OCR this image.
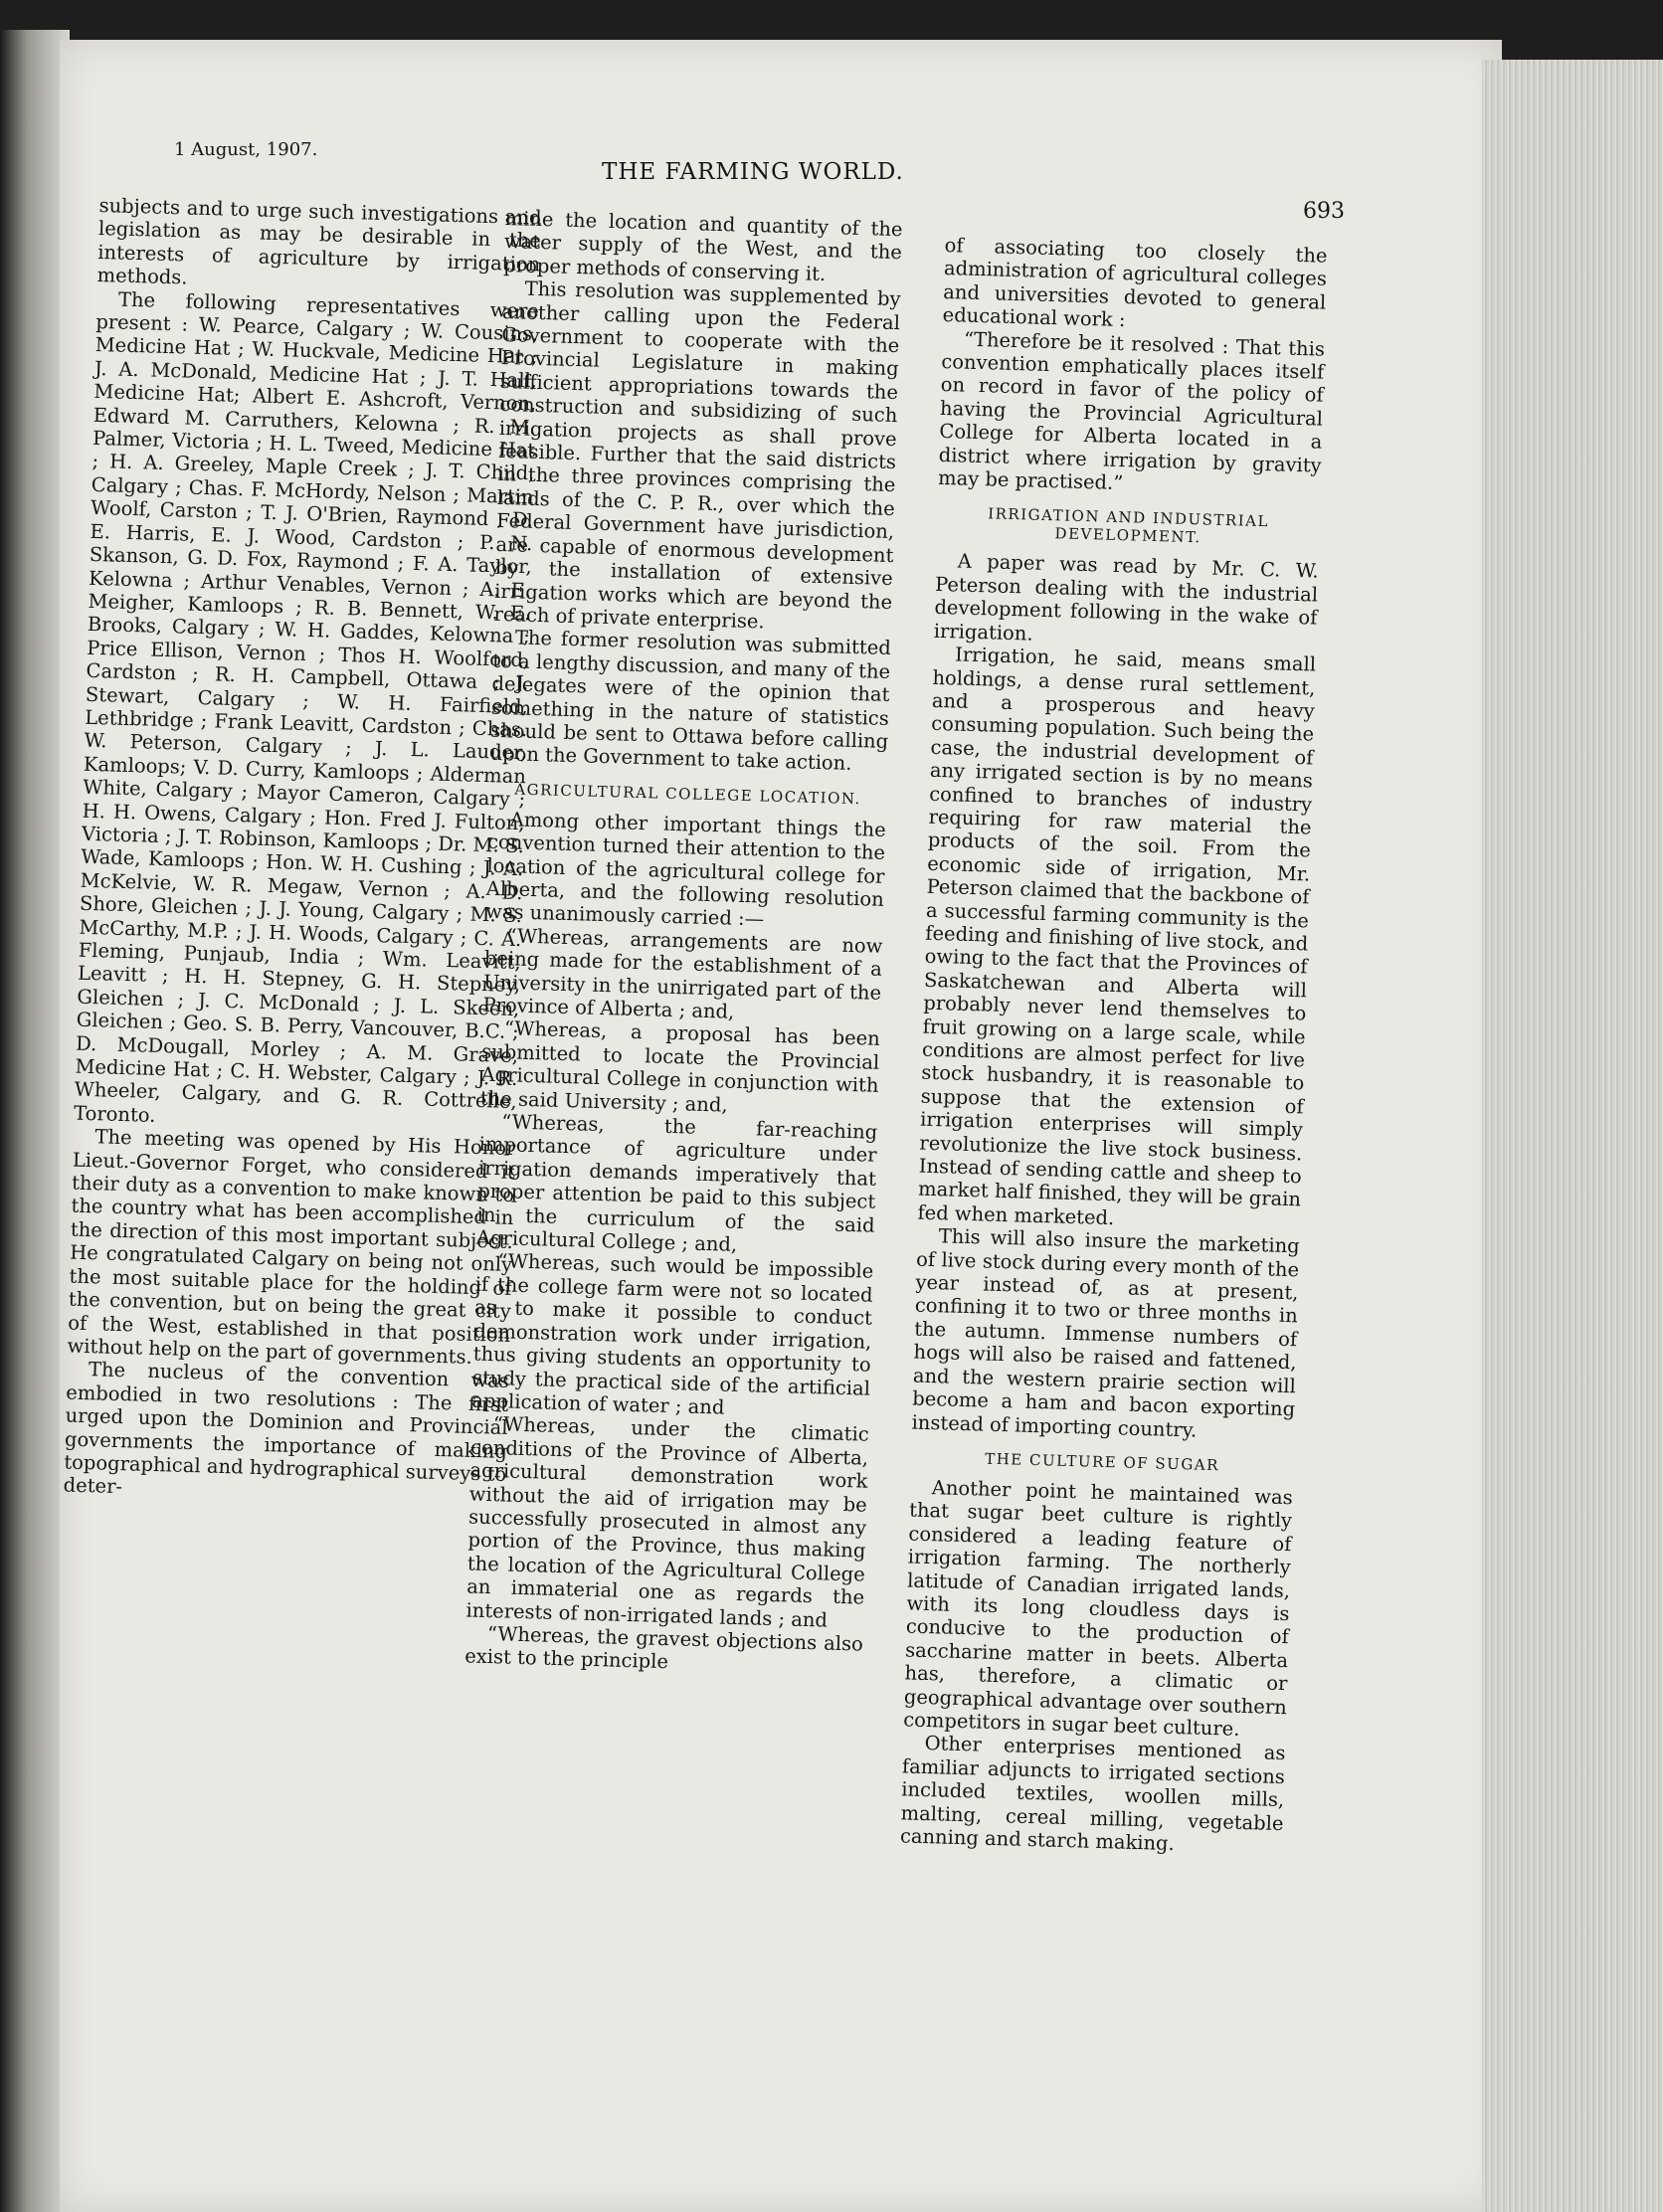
1 August, 1907.
THE FARMING WORLD.
693

subjects and to urge such investigations and legislation as may be desirable in the interests of agriculture by irrigation methods.

The following representatives were present : W. Pearce, Calgary ; W. Cousins, Medicine Hat ; W. Huckvale, Medicine Hat ; J. A. McDonald, Medicine Hat ; J. T. Hall, Medicine Hat; Albert E. Ashcroft, Vernon, Edward M. Carruthers, Kelowna ; R. M. Palmer, Victoria ; H. L. Tweed, Medicine Hat ; H. A. Greeley, Maple Creek ; J. T. Child, Calgary ; Chas. F. McHordy, Nelson ; Martin Woolf, Carston ; T. J. O'Brien, Raymond ; D. E. Harris, E. J. Wood, Cardston ; P. N. Skanson, G. D. Fox, Raymond ; F. A. Taylor, Kelowna ; Arthur Venables, Vernon ; A. E. Meigher, Kamloops ; R. B. Bennett, W. E. Brooks, Calgary ; W. H. Gaddes, Kelowna ; Price Ellison, Vernon ; Thos H. Woolford, Cardston ; R. H. Campbell, Ottawa ; J. Stewart, Calgary ; W. H. Fairfield, Lethbridge ; Frank Leavitt, Cardston ; Chas. W. Peterson, Calgary ; J. L. Lauder, Kamloops; V. D. Curry, Kamloops ; Alderman White, Calgary ; Mayor Cameron, Calgary ; H. H. Owens, Calgary ; Hon. Fred J. Fulton, Victoria ; J. T. Robinson, Kamloops ; Dr. M. S. Wade, Kamloops ; Hon. W. H. Cushing ; J. A. McKelvie, W. R. Megaw, Vernon ; A. D. Shore, Gleichen ; J. J. Young, Calgary ; M. S. McCarthy, M.P. ; J. H. Woods, Calgary ; C. A. Fleming, Punjaub, India ; Wm. Leavitt, Leavitt ; H. H. Stepney, G. H. Stepney, Gleichen ; J. C. McDonald ; J. L. Skeen, Gleichen ; Geo. S. B. Perry, Vancouver, B.C. ; D. McDougall, Morley ; A. M. Grave, Medicine Hat ; C. H. Webster, Calgary ; J. R. Wheeler, Calgary, and G. R. Cottrelle, Toronto.

The meeting was opened by His Honor Lieut.-Governor Forget, who considered it their duty as a convention to make known to the country what has been accomplished in the direction of this most important subject. He congratulated Calgary on being not only the most suitable place for the holding of the convention, but on being the great city of the West, established in that position without help on the part of governments.

The nucleus of the convention was embodied in two resolutions : The first urged upon the Dominion and Provincial governments the importance of making topographical and hydrographical surveys to deter-

mine the location and quantity of the water supply of the West, and the proper methods of conserving it.

This resolution was supplemented by another calling upon the Federal Government to cooperate with the Provincial Legislature in making sufficient appropriations towards the construction and subsidizing of such irrigation projects as shall prove feasible. Further that the said districts in the three provinces comprising the lands of the C. P. R., over which the Federal Government have jurisdiction, are capable of enormous development by the installation of extensive irrigation works which are beyond the reach of private enterprise.

The former resolution was submitted to a lengthy discussion, and many of the delegates were of the opinion that something in the nature of statistics should be sent to Ottawa before calling upon the Government to take action.

AGRICULTURAL COLLEGE LOCATION.

Among other important things the convention turned their attention to the location of the agricultural college for Alberta, and the following resolution was unanimously carried :—

“Whereas, arrangements are now being made for the establishment of a University in the unirrigated part of the Province of Alberta ; and,

“Whereas, a proposal has been submitted to locate the Provincial Agricultural College in conjunction with the said University ; and,

“Whereas, the far-reaching importance of agriculture under irrigation demands imperatively that proper attention be paid to this subject in the curriculum of the said Agricultural College ; and,

“Whereas, such would be impossible if the college farm were not so located as to make it possible to conduct demonstration work under irrigation, thus giving students an opportunity to study the practical side of the artificial application of water ; and

“Whereas, under the climatic conditions of the Province of Alberta, agricultural demonstration work without the aid of irrigation may be successfully prosecuted in almost any portion of the Province, thus making the location of the Agricultural College an immaterial one as regards the interests of non-irrigated lands ; and

“Whereas, the gravest objections also exist to the principle

of associating too closely the administration of agricultural colleges and universities devoted to general educational work :

“Therefore be it resolved : That this convention emphatically places itself on record in favor of the policy of having the Provincial Agricultural College for Alberta located in a district where irrigation by gravity may be practised.”

IRRIGATION AND INDUSTRIAL DEVELOPMENT.

A paper was read by Mr. C. W. Peterson dealing with the industrial development following in the wake of irrigation.

Irrigation, he said, means small holdings, a dense rural settlement, and a prosperous and heavy consuming population. Such being the case, the industrial development of any irrigated section is by no means confined to branches of industry requiring for raw material the products of the soil. From the economic side of irrigation, Mr. Peterson claimed that the backbone of a successful farming community is the feeding and finishing of live stock, and owing to the fact that the Provinces of Saskatchewan and Alberta will probably never lend themselves to fruit growing on a large scale, while conditions are almost perfect for live stock husbandry, it is reasonable to suppose that the extension of irrigation enterprises will simply revolutionize the live stock business. Instead of sending cattle and sheep to market half finished, they will be grain fed when marketed.

This will also insure the marketing of live stock during every month of the year instead of, as at present, confining it to two or three months in the autumn. Immense numbers of hogs will also be raised and fattened, and the western prairie section will become a ham and bacon exporting instead of importing country.

THE CULTURE OF SUGAR

Another point he maintained was that sugar beet culture is rightly considered a leading feature of irrigation farming. The northerly latitude of Canadian irrigated lands, with its long cloudless days is conducive to the production of saccharine matter in beets. Alberta has, therefore, a climatic or geographical advantage over southern competitors in sugar beet culture.

Other enterprises mentioned as familiar adjuncts to irrigated sections included textiles, woollen mills, malting, cereal milling, vegetable canning and starch making.
